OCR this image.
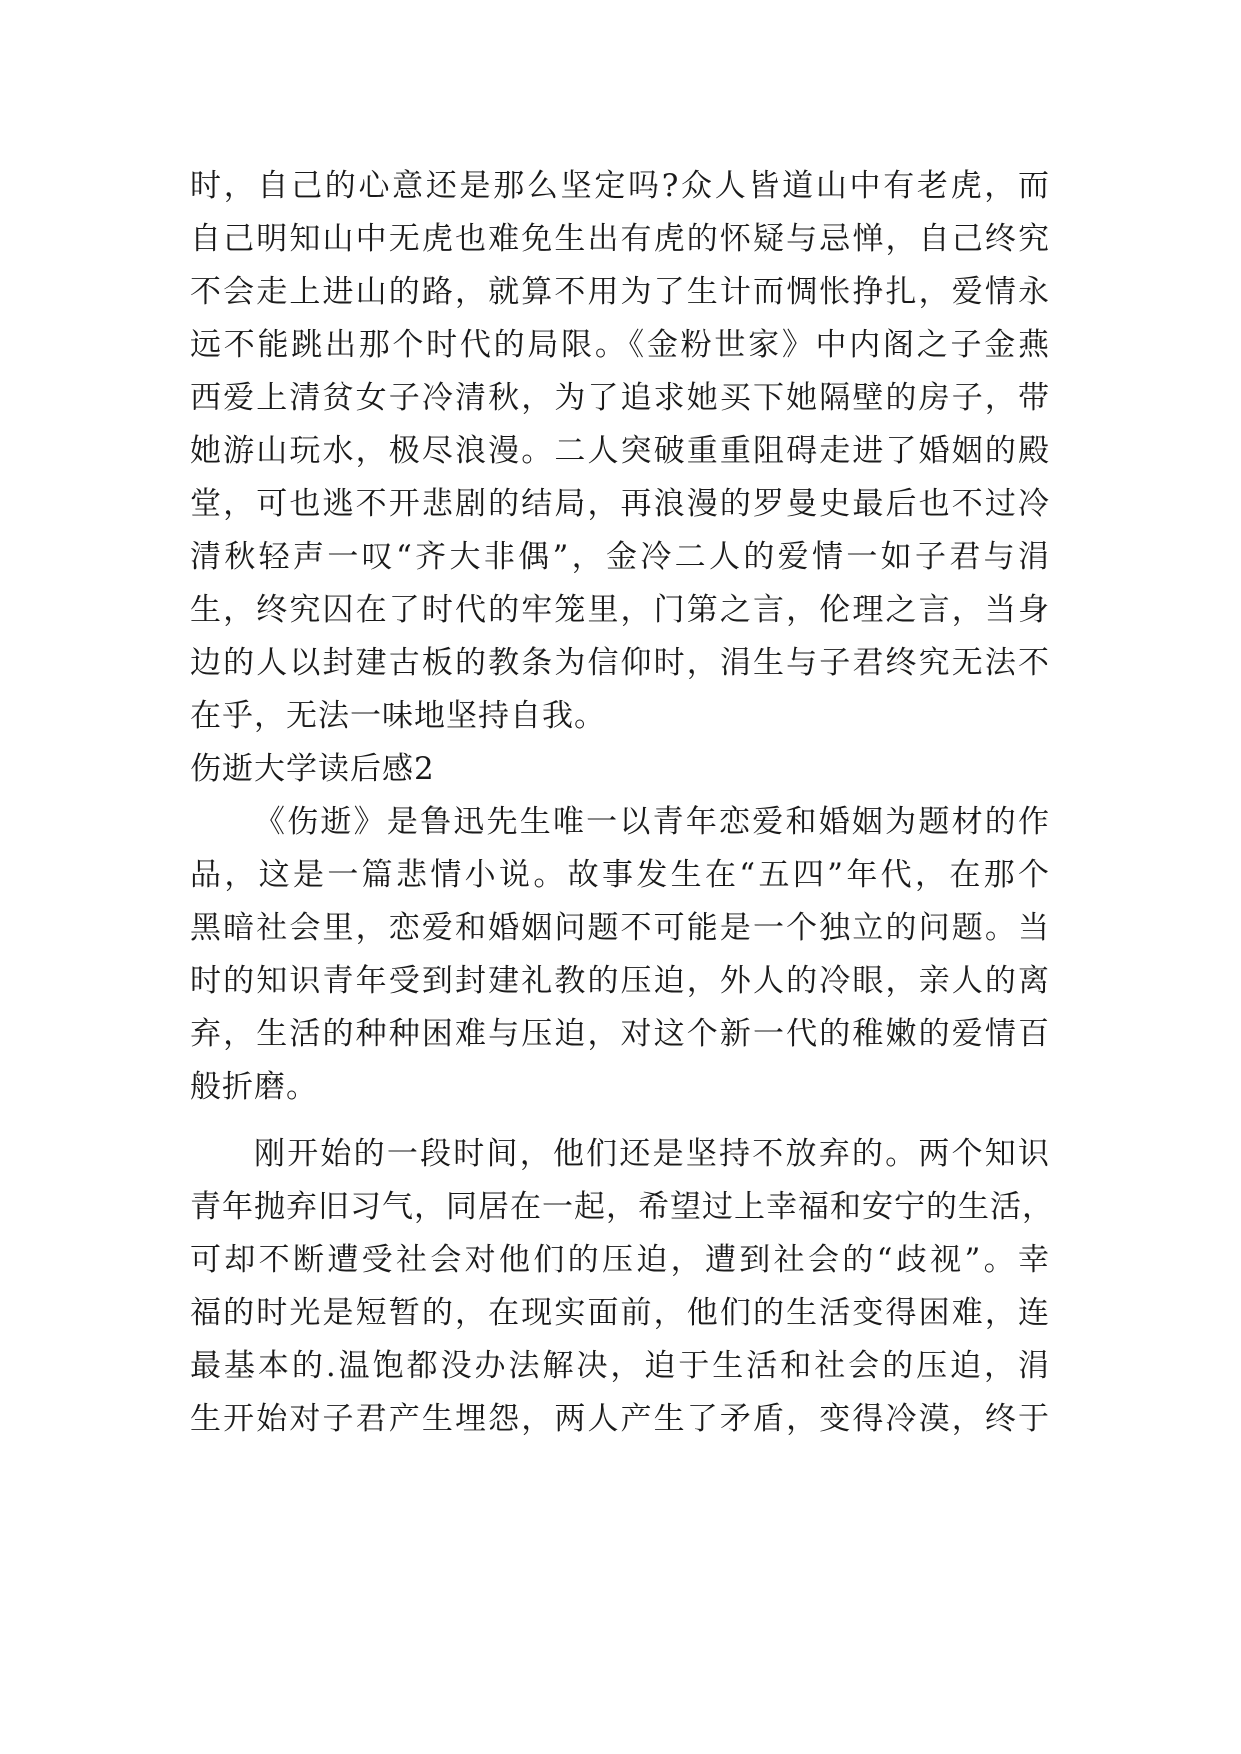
时，自己的心意还是那么坚定吗?众人皆道山中有老虎，而
自己明知山中无虎也难免生出有虎的怀疑与忌惮，自己终究
不会走上进山的路，就算不用为了生计而惆怅挣扎，爱情永
远不能跳出那个时代的局限。《金粉世家》中内阁之子金燕
西爱上清贫女子冷清秋，为了追求她买下她隔壁的房子，带
她游山玩水，极尽浪漫。二人突破重重阻碍走进了婚姻的殿
堂，可也逃不开悲剧的结局，再浪漫的罗曼史最后也不过冷
清秋轻声一叹“齐大非偶”，金冷二人的爱情一如子君与涓
生，终究囚在了时代的牢笼里，门第之言，伦理之言，当身
边的人以封建古板的教条为信仰时，涓生与子君终究无法不
在乎，无法一味地坚持自我。
伤逝大学读后感2
《伤逝》是鲁迅先生唯一以青年恋爱和婚姻为题材的作
品，这是一篇悲情小说。故事发生在“五四”年代，在那个
黑暗社会里，恋爱和婚姻问题不可能是一个独立的问题。当
时的知识青年受到封建礼教的压迫，外人的冷眼，亲人的离
弃，生活的种种困难与压迫，对这个新一代的稚嫩的爱情百
般折磨。
刚开始的一段时间，他们还是坚持不放弃的。两个知识
青年抛弃旧习气，同居在一起，希望过上幸福和安宁的生活，
可却不断遭受社会对他们的压迫，遭到社会的“歧视”。幸
福的时光是短暂的，在现实面前，他们的生活变得困难，连
最基本的.温饱都没办法解决，迫于生活和社会的压迫，涓
生开始对子君产生埋怨，两人产生了矛盾，变得冷漠，终于
